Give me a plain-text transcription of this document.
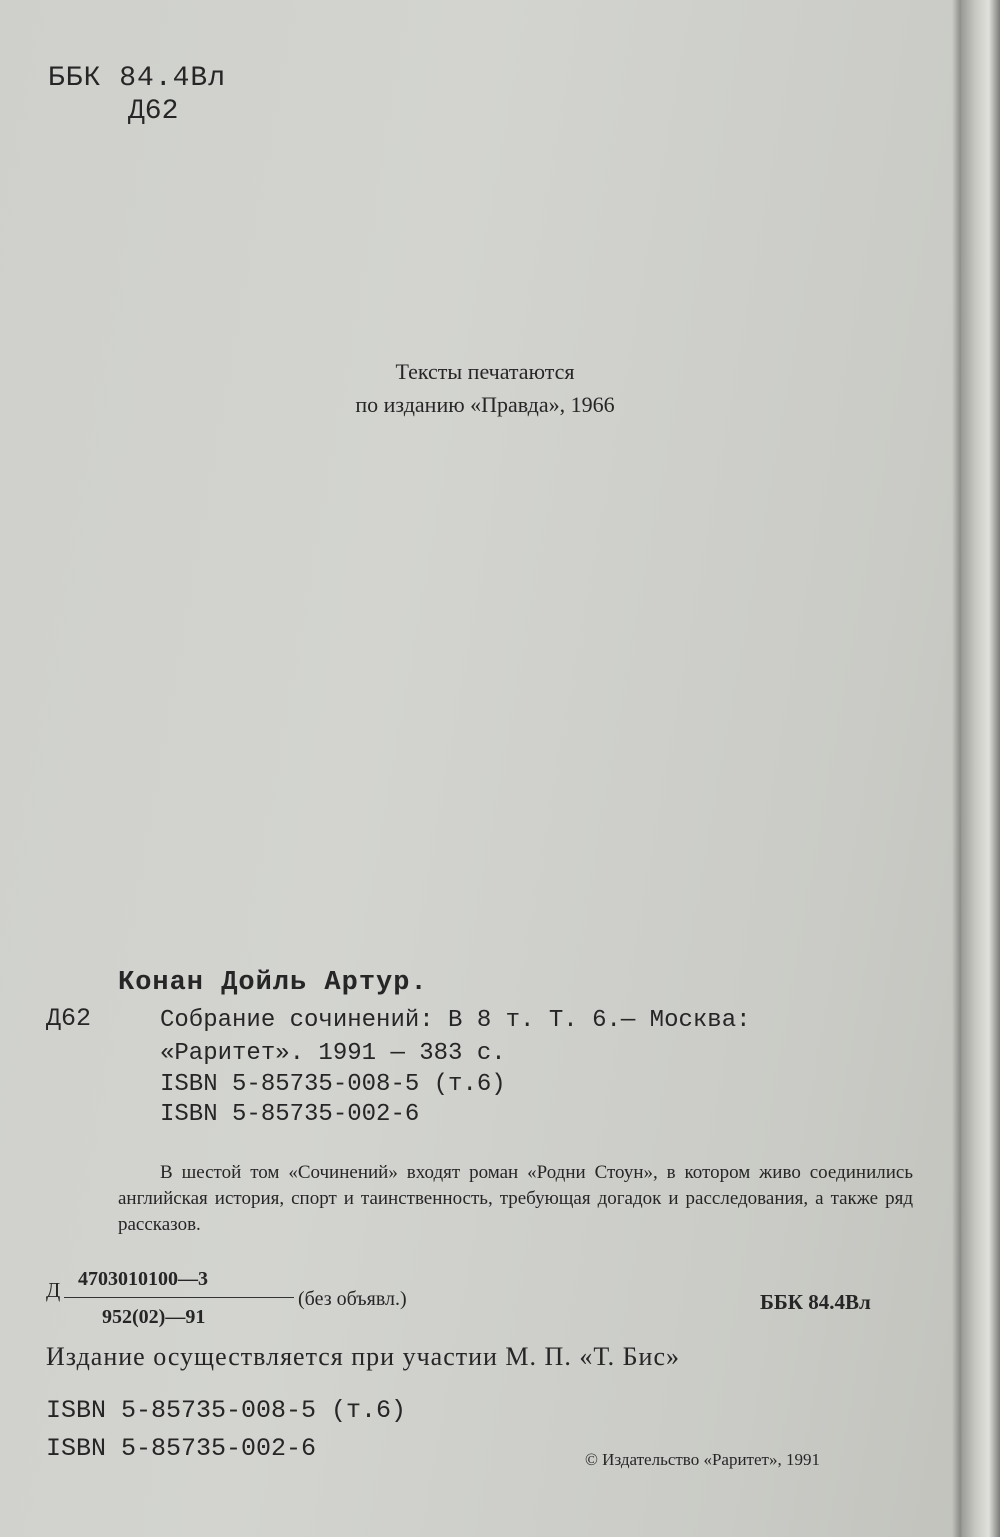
ББК 84.4Вл
Д62
Тексты печатаются
по изданию «Правда», 1966
Конан Дойль Артур.
Д62	Собрание сочинений: В 8 т. Т. 6.— Москва:
«Раритет». 1991 — 383 с.
ISBN 5-85735-008-5 (т.6)
ISBN 5-85735-002-6
В шестой том «Сочинений» входят роман «Родни Стоун», в котором живо соединились английская история, спорт и таинственность, требующая догадок и расследования, а также ряд рассказов.
Д 4703010100—3
952(02)—91
(без объявл.)	ББК 84.4Вл
Издание осуществляется при участии М. П. «Т. Бис»
ISBN 5-85735-008-5 (т.6)
ISBN 5-85735-002-6	© Издательство «Раритет», 1991
